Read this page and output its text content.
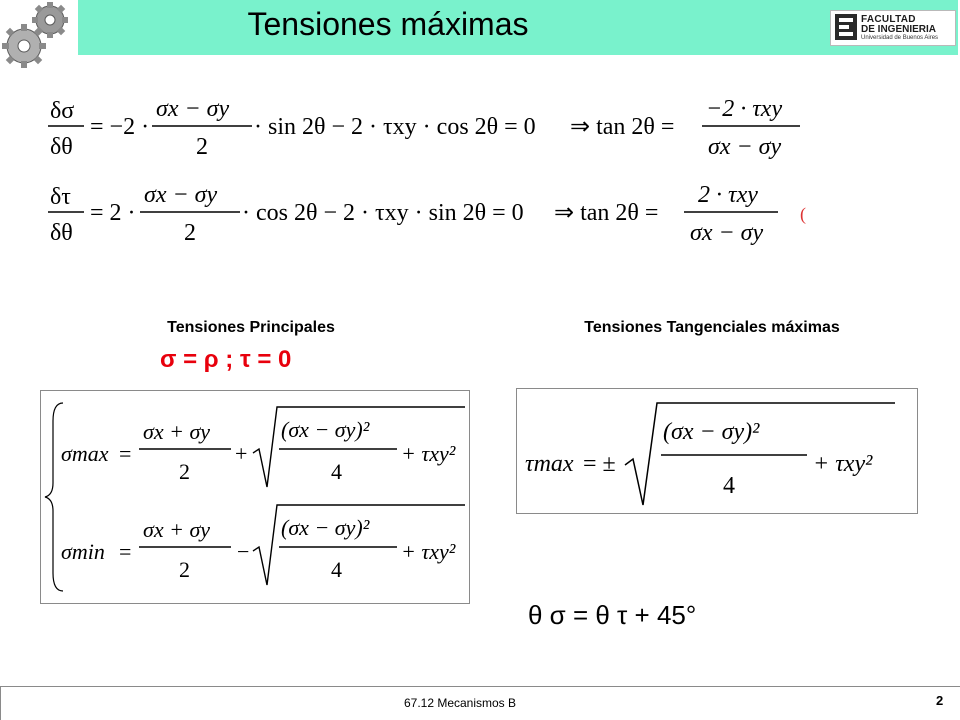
Tensiones máximas	FACULTAD
DE INGENIERIA
Universidad de Buenos Aires
δσ
δθ
= −2 ·
σx − σy
2
· sin 2θ − 2 · τxy · cos 2θ = 0 ⇒ tan 2θ =
−2 · τxy
σx − σy
δτ
δθ
= 2 ·
σx − σy
2
· cos 2θ − 2 · τxy · sin 2θ = 0 ⇒ tan 2θ =
2 · τxy
σx − σy
(
Tensiones Principales	Tensiones Tangenciales máximas
σ = ρ ; τ = 0
σmax =
σx + σy
2
+
(σx − σy)²
4
+ τxy²
σmin =
σx + σy
2
−
(σx − σy)²
4
+ τxy²
τmax = ±
(σx − σy)²
4
+ τxy²
θ σ = θ τ + 45°
67.12 Mecanismos B	2
